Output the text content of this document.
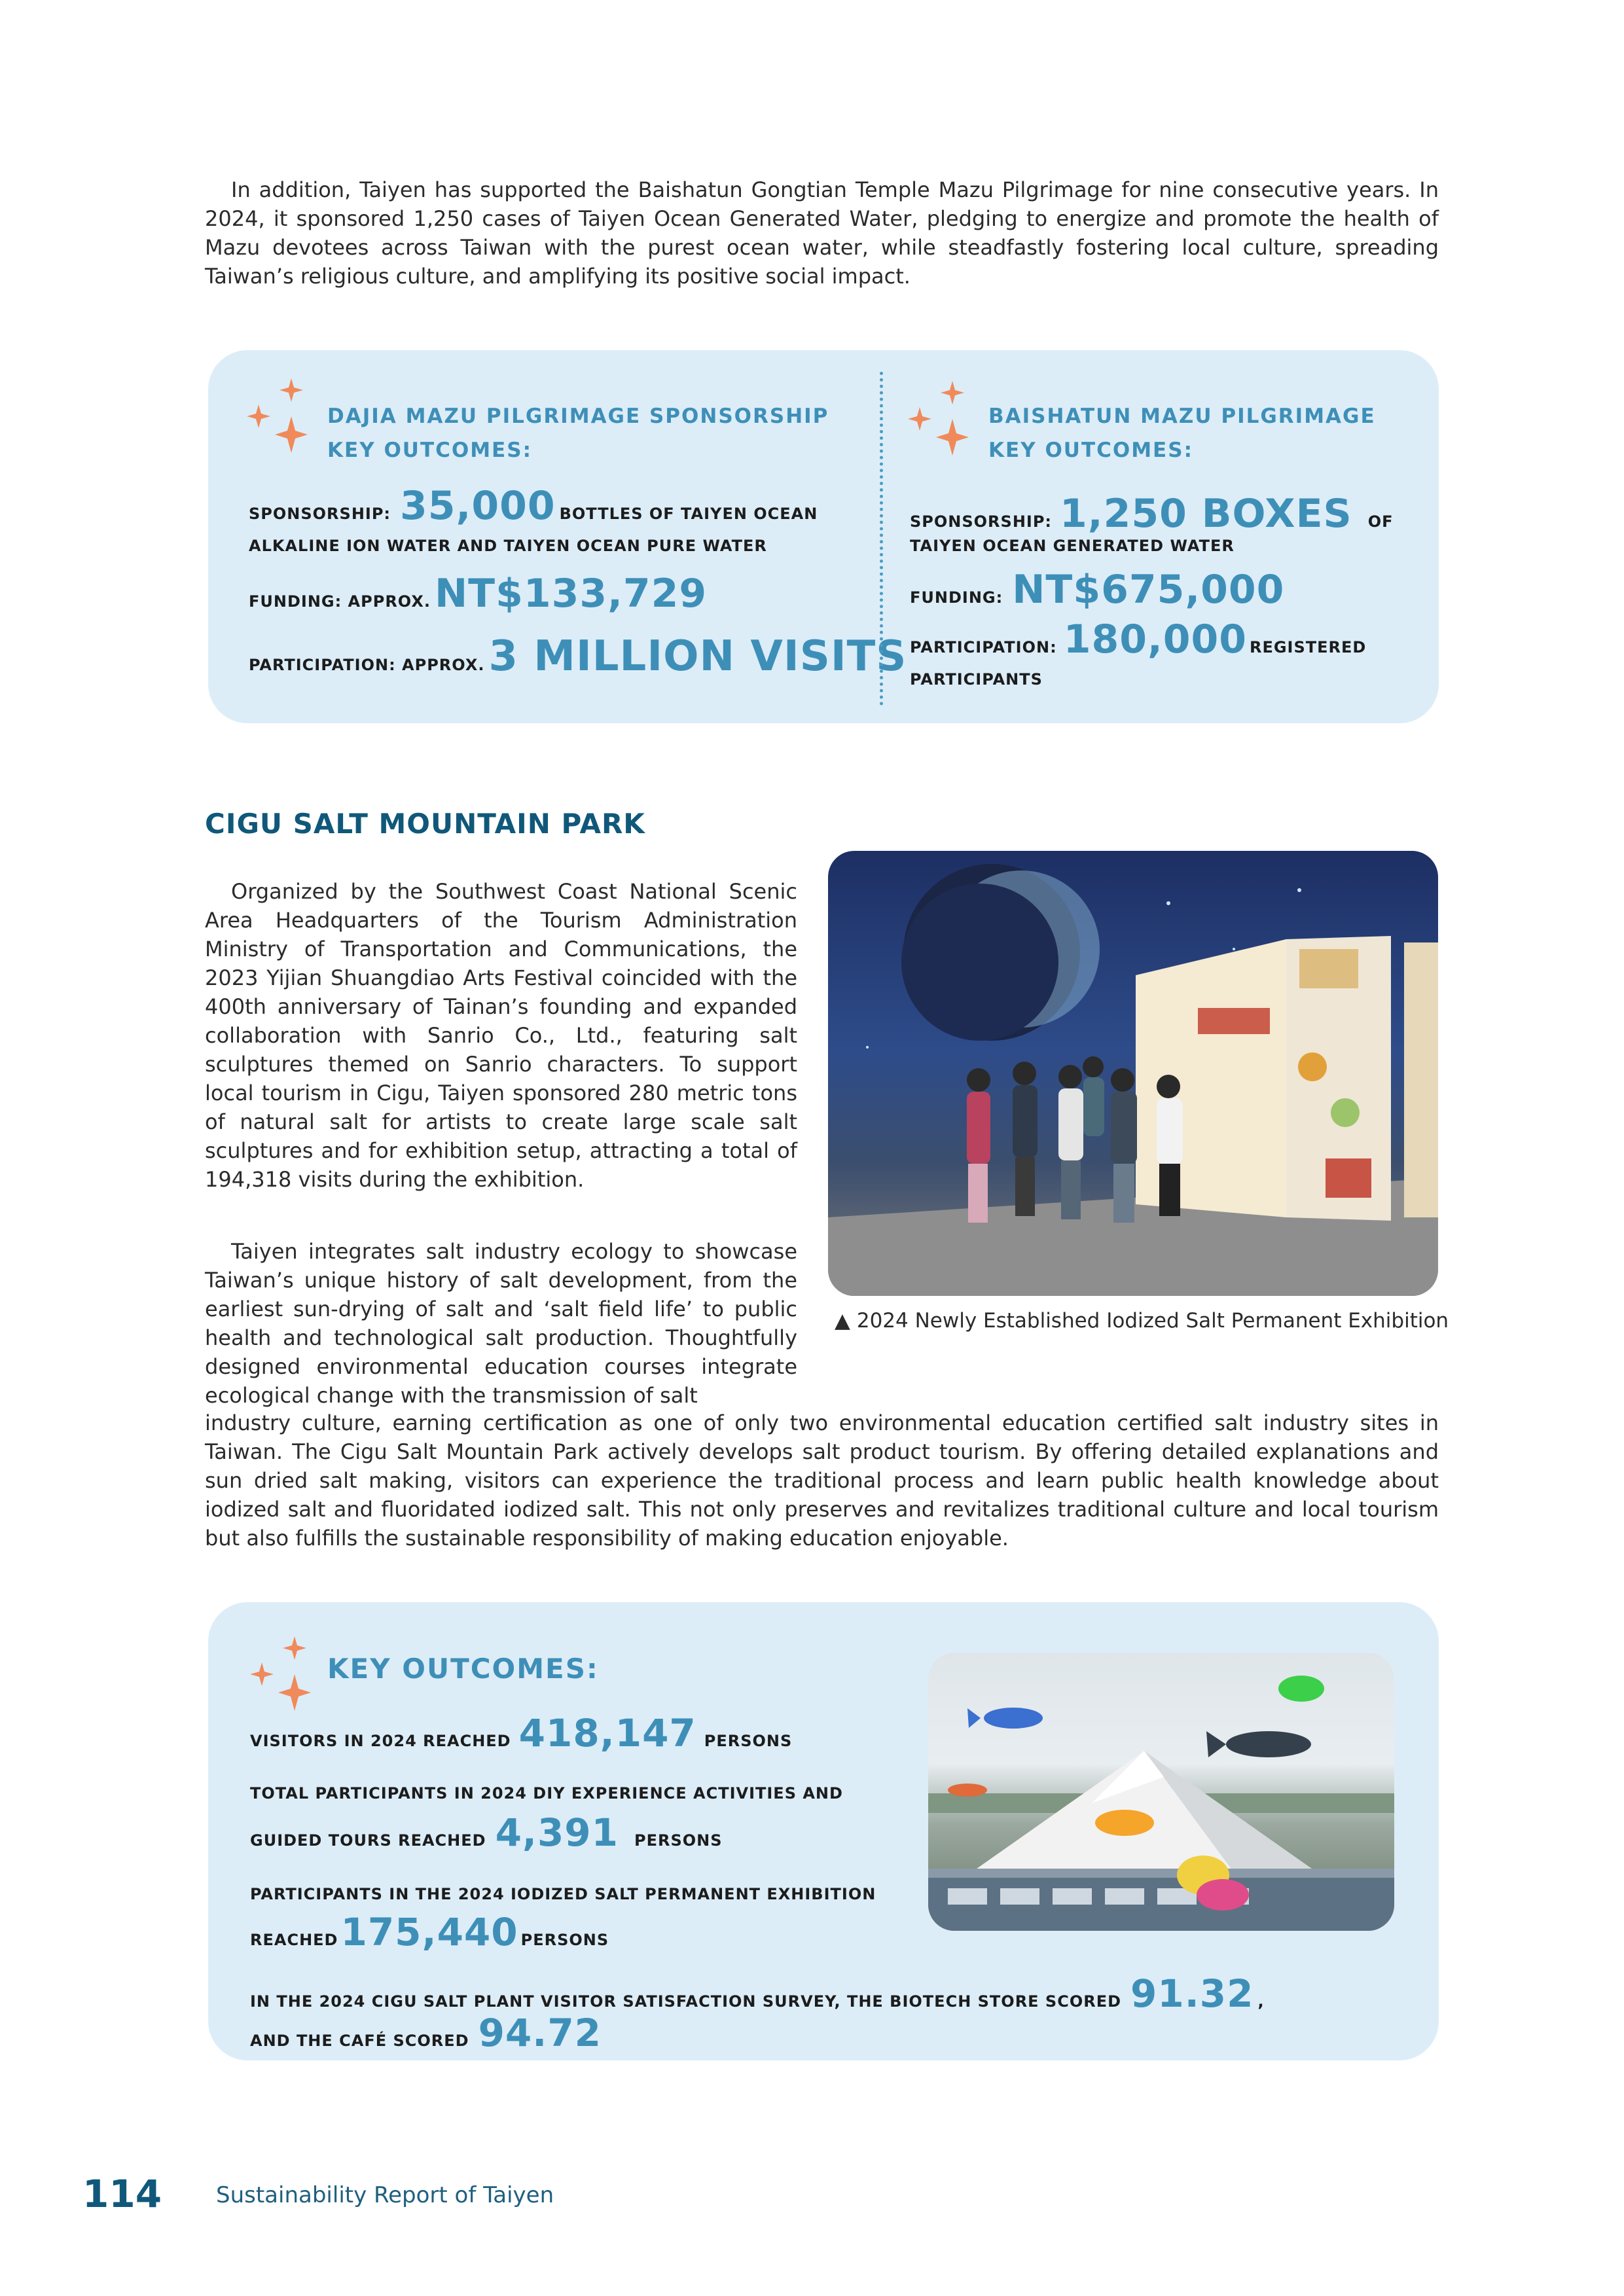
In addition, Taiyen has supported the Baishatun Gongtian Temple Mazu Pilgrimage for nine consecutive years. In 2024, it sponsored 1,250 cases of Taiyen Ocean Generated Water, pledging to energize and promote the health of Mazu devotees across Taiwan with the purest ocean water, while steadfastly fostering local culture, spreading Taiwan’s religious culture, and amplifying its positive social impact.

DAJIA MAZU PILGRIMAGE SPONSORSHIP KEY OUTCOMES:
SPONSORSHIP: 35,000 BOTTLES OF TAIYEN OCEAN
ALKALINE ION WATER AND TAIYEN OCEAN PURE WATER
FUNDING: APPROX. NT$133,729
PARTICIPATION: APPROX. 3 MILLION VISITS
BAISHATUN MAZU PILGRIMAGE KEY OUTCOMES:
SPONSORSHIP: 1,250 BOXES OF
TAIYEN OCEAN GENERATED WATER
FUNDING: NT$675,000
PARTICIPATION: 180,000 REGISTERED
PARTICIPANTS
CIGU SALT MOUNTAIN PARK

Organized by the Southwest Coast National Scenic Area Headquarters of the Tourism Administration Ministry of Transportation and Communications, the 2023 Yijian Shuangdiao Arts Festival coincided with the 400th anniversary of Tainan’s founding and expanded collaboration with Sanrio Co., Ltd., featuring salt sculptures themed on Sanrio characters. To support local tourism in Cigu, Taiyen sponsored 280 metric tons of natural salt for artists to create large scale salt sculptures and for exhibition setup, attracting a total of 194,318 visits during the exhibition.

Taiyen integrates salt industry ecology to showcase Taiwan’s unique history of salt development, from the earliest sun-drying of salt and ‘salt field life’ to public health and technological salt production. Thoughtfully designed environmental education courses integrate ecological change with the transmission of salt

industry culture, earning certification as one of only two environmental education certified salt industry sites in Taiwan. The Cigu Salt Mountain Park actively develops salt product tourism. By offering detailed explanations and sun dried salt making, visitors can experience the traditional process and learn public health knowledge about iodized salt and fluoridated iodized salt. This not only preserves and revitalizes traditional culture and local tourism but also fulfills the sustainable responsibility of making education enjoyable.

▲ 2024 Newly Established Iodized Salt Permanent Exhibition
KEY OUTCOMES:
VISITORS IN 2024 REACHED 418,147 PERSONS
TOTAL PARTICIPANTS IN 2024 DIY EXPERIENCE ACTIVITIES AND
GUIDED TOURS REACHED 4,391 PERSONS
PARTICIPANTS IN THE 2024 IODIZED SALT PERMANENT EXHIBITION
REACHED 175,440 PERSONS
IN THE 2024 CIGU SALT PLANT VISITOR SATISFACTION SURVEY, THE BIOTECH STORE SCORED 91.32 ,
AND THE CAFÉ SCORED 94.72
114 Sustainability Report of Taiyen
